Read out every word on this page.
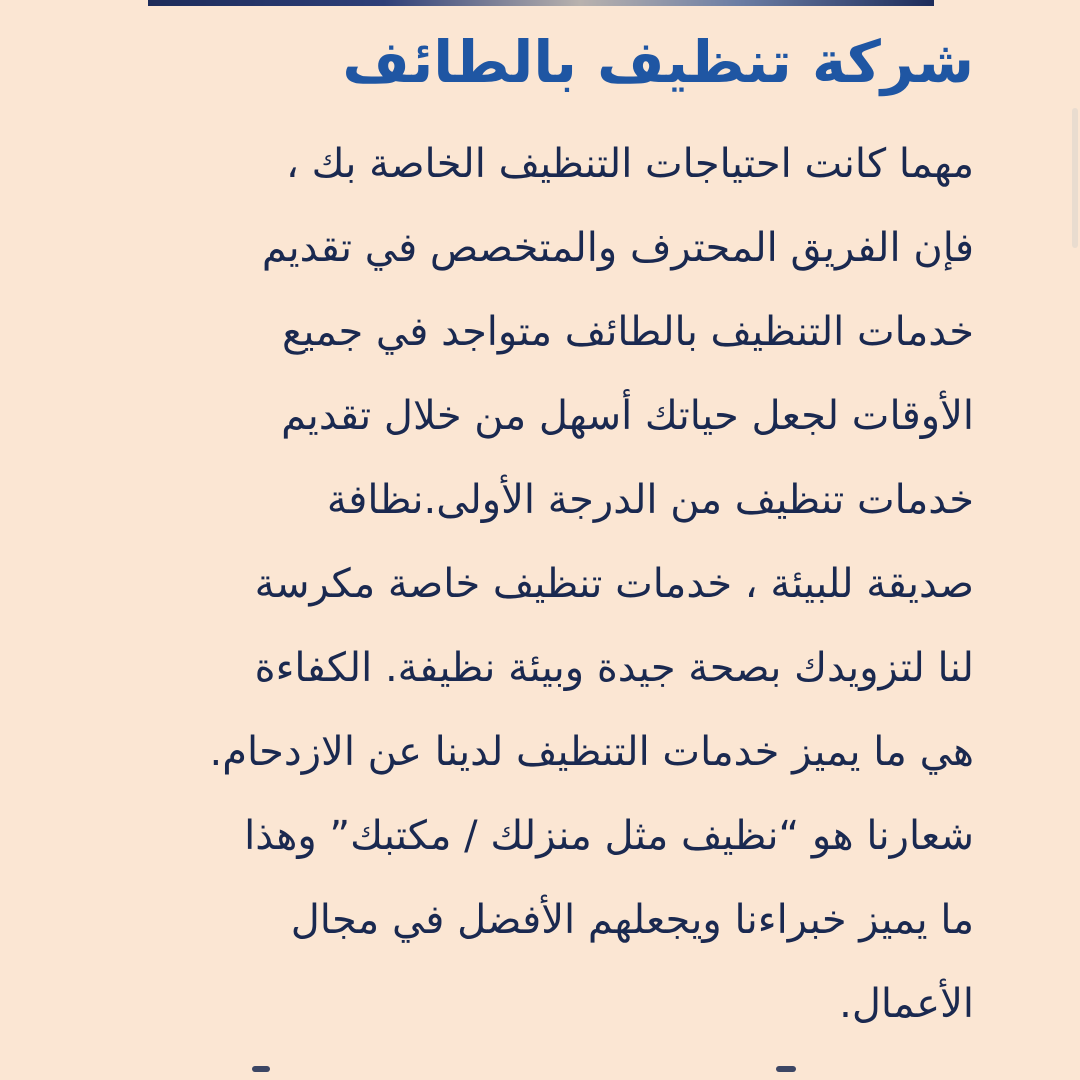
شركة تنظيف بالطائف
مهما كانت احتياجات التنظيف الخاصة بك ،
فإن الفريق المحترف والمتخصص في تقديم
خدمات التنظيف بالطائف متواجد في جميع
الأوقات لجعل حياتك أسهل من خلال تقديم
خدمات تنظيف من الدرجة الأولى.نظافة
صديقة للبيئة ، خدمات تنظيف خاصة مكرسة
لنا لتزويدك بصحة جيدة وبيئة نظيفة. الكفاءة
هي ما يميز خدمات التنظيف لدينا عن الازدحام.
شعارنا هو “نظيف مثل منزلك / مكتبك” وهذا
ما يميز خبراءنا ويجعلهم الأفضل في مجال
الأعمال.
